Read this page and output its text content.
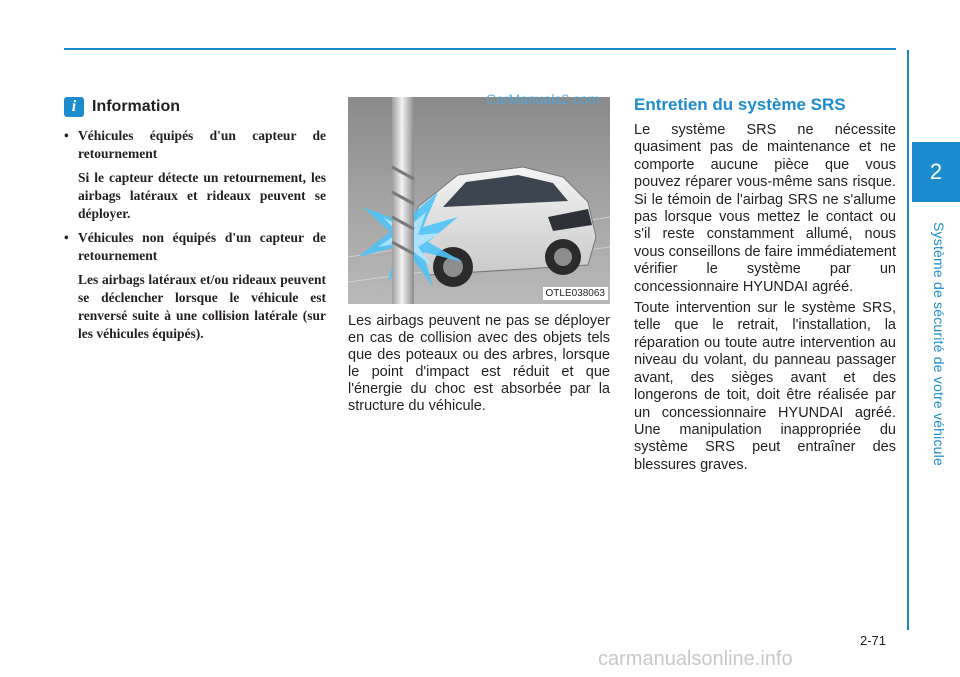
2
Système de sécurité de votre véhicule
i Information
• Véhicules équipés d'un capteur de retournement
Si le capteur détecte un retournement, les airbags latéraux et rideaux peuvent se déployer.
• Véhicules non équipés d'un capteur de retournement
Les airbags latéraux et/ou rideaux peuvent se déclencher lorsque le véhicule est renversé suite à une collision latérale (sur les véhicules équipés).
OTLE038063

Les airbags peuvent ne pas se déployer en cas de collision avec des objets tels que des poteaux ou des arbres, lorsque le point d'impact est réduit et que l'énergie du choc est absorbée par la structure du véhicule.

CarManuals2.com Entretien du système SRS

Le système SRS ne nécessite quasiment pas de maintenance et ne comporte aucune pièce que vous pouvez réparer vous-même sans risque. Si le témoin de l'airbag SRS ne s'allume pas lorsque vous mettez le contact ou s'il reste constamment allumé, nous vous conseillons de faire immédiatement vérifier le système par un concessionnaire HYUNDAI agréé.

Toute intervention sur le système SRS, telle que le retrait, l'installation, la réparation ou toute autre intervention au niveau du volant, du panneau passager avant, des sièges avant et des longerons de toit, doit être réalisée par un concessionnaire HYUNDAI agréé. Une manipulation inappropriée du système SRS peut entraîner des blessures graves.

2-71
carmanualsonline.info
